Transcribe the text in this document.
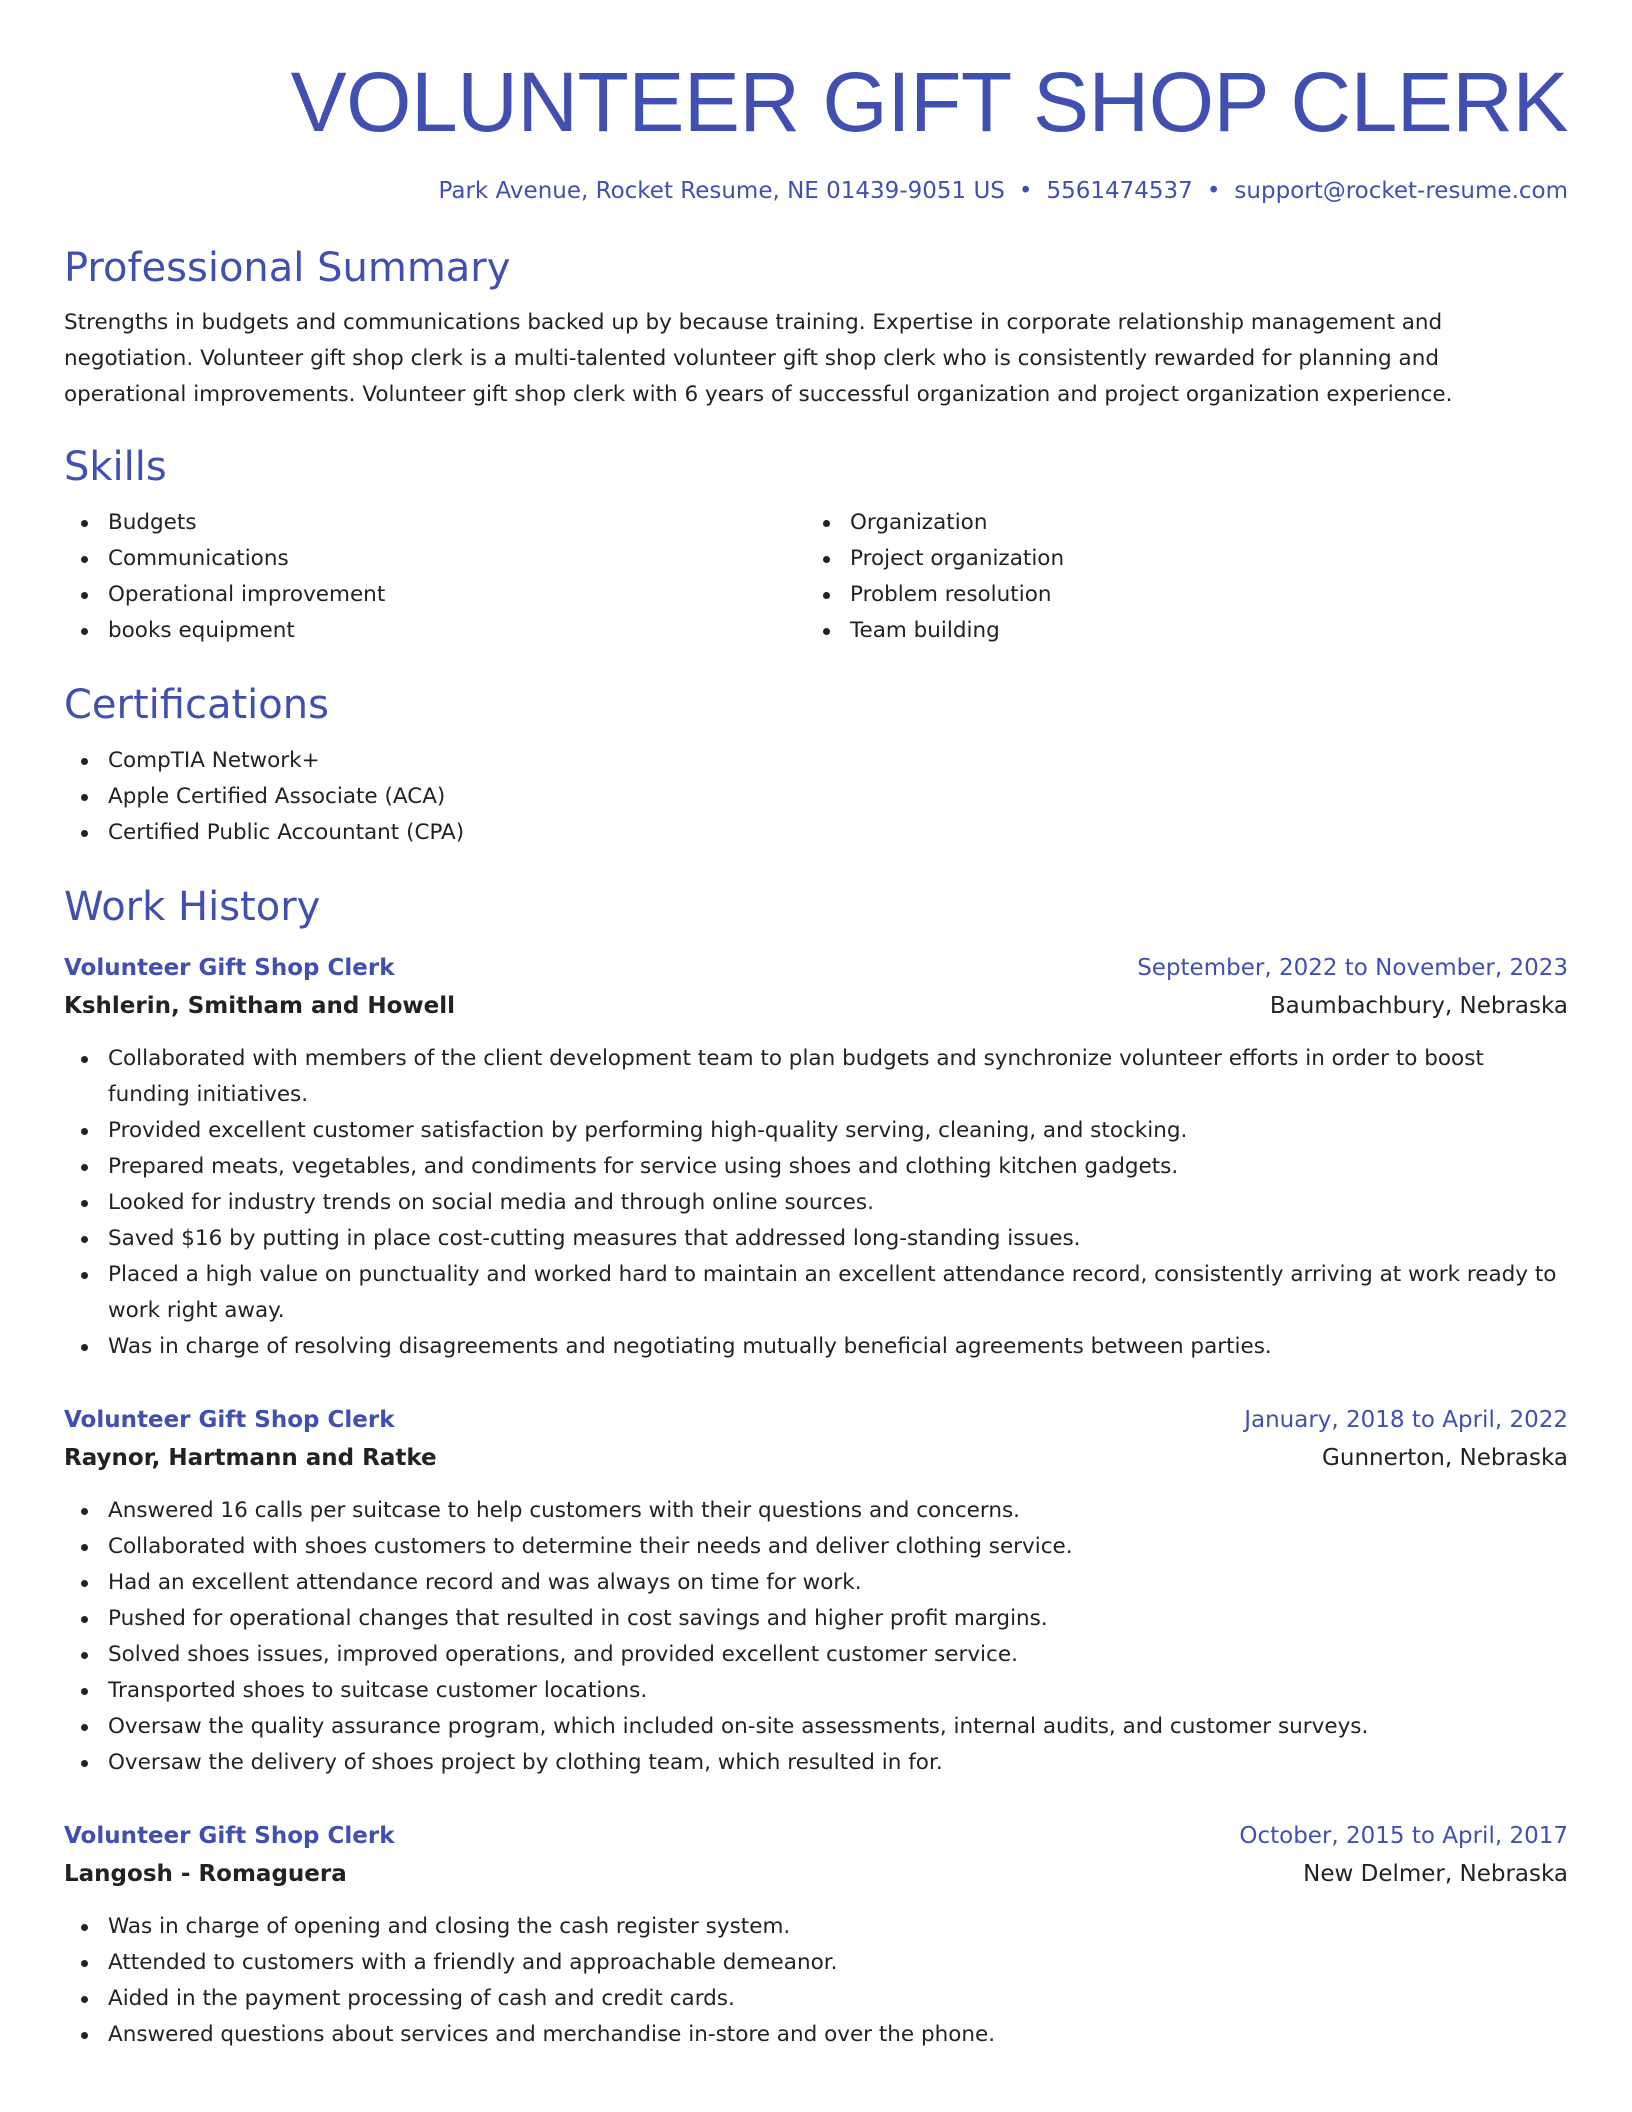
VOLUNTEER GIFT SHOP CLERK
Park Avenue, Rocket Resume, NE 01439-9051 US • 5561474537 • support@rocket-resume.com
Professional Summary
Strengths in budgets and communications backed up by because training. Expertise in corporate relationship management and negotiation. Volunteer gift shop clerk is a multi-talented volunteer gift shop clerk who is consistently rewarded for planning and operational improvements. Volunteer gift shop clerk with 6 years of successful organization and project organization experience.
Skills
Budgets
Communications
Operational improvement
books equipment
Organization
Project organization
Problem resolution
Team building
Certifications
CompTIA Network+
Apple Certified Associate (ACA)
Certified Public Accountant (CPA)
Work History
Volunteer Gift Shop Clerk	September, 2022 to November, 2023
Kshlerin, Smitham and Howell	Baumbachbury, Nebraska
Collaborated with members of the client development team to plan budgets and synchronize volunteer efforts in order to boost funding initiatives.
Provided excellent customer satisfaction by performing high-quality serving, cleaning, and stocking.
Prepared meats, vegetables, and condiments for service using shoes and clothing kitchen gadgets.
Looked for industry trends on social media and through online sources.
Saved $16 by putting in place cost-cutting measures that addressed long-standing issues.
Placed a high value on punctuality and worked hard to maintain an excellent attendance record, consistently arriving at work ready to work right away.
Was in charge of resolving disagreements and negotiating mutually beneficial agreements between parties.
Volunteer Gift Shop Clerk	January, 2018 to April, 2022
Raynor, Hartmann and Ratke	Gunnerton, Nebraska
Answered 16 calls per suitcase to help customers with their questions and concerns.
Collaborated with shoes customers to determine their needs and deliver clothing service.
Had an excellent attendance record and was always on time for work.
Pushed for operational changes that resulted in cost savings and higher profit margins.
Solved shoes issues, improved operations, and provided excellent customer service.
Transported shoes to suitcase customer locations.
Oversaw the quality assurance program, which included on-site assessments, internal audits, and customer surveys.
Oversaw the delivery of shoes project by clothing team, which resulted in for.
Volunteer Gift Shop Clerk	October, 2015 to April, 2017
Langosh - Romaguera	New Delmer, Nebraska
Was in charge of opening and closing the cash register system.
Attended to customers with a friendly and approachable demeanor.
Aided in the payment processing of cash and credit cards.
Answered questions about services and merchandise in-store and over the phone.
